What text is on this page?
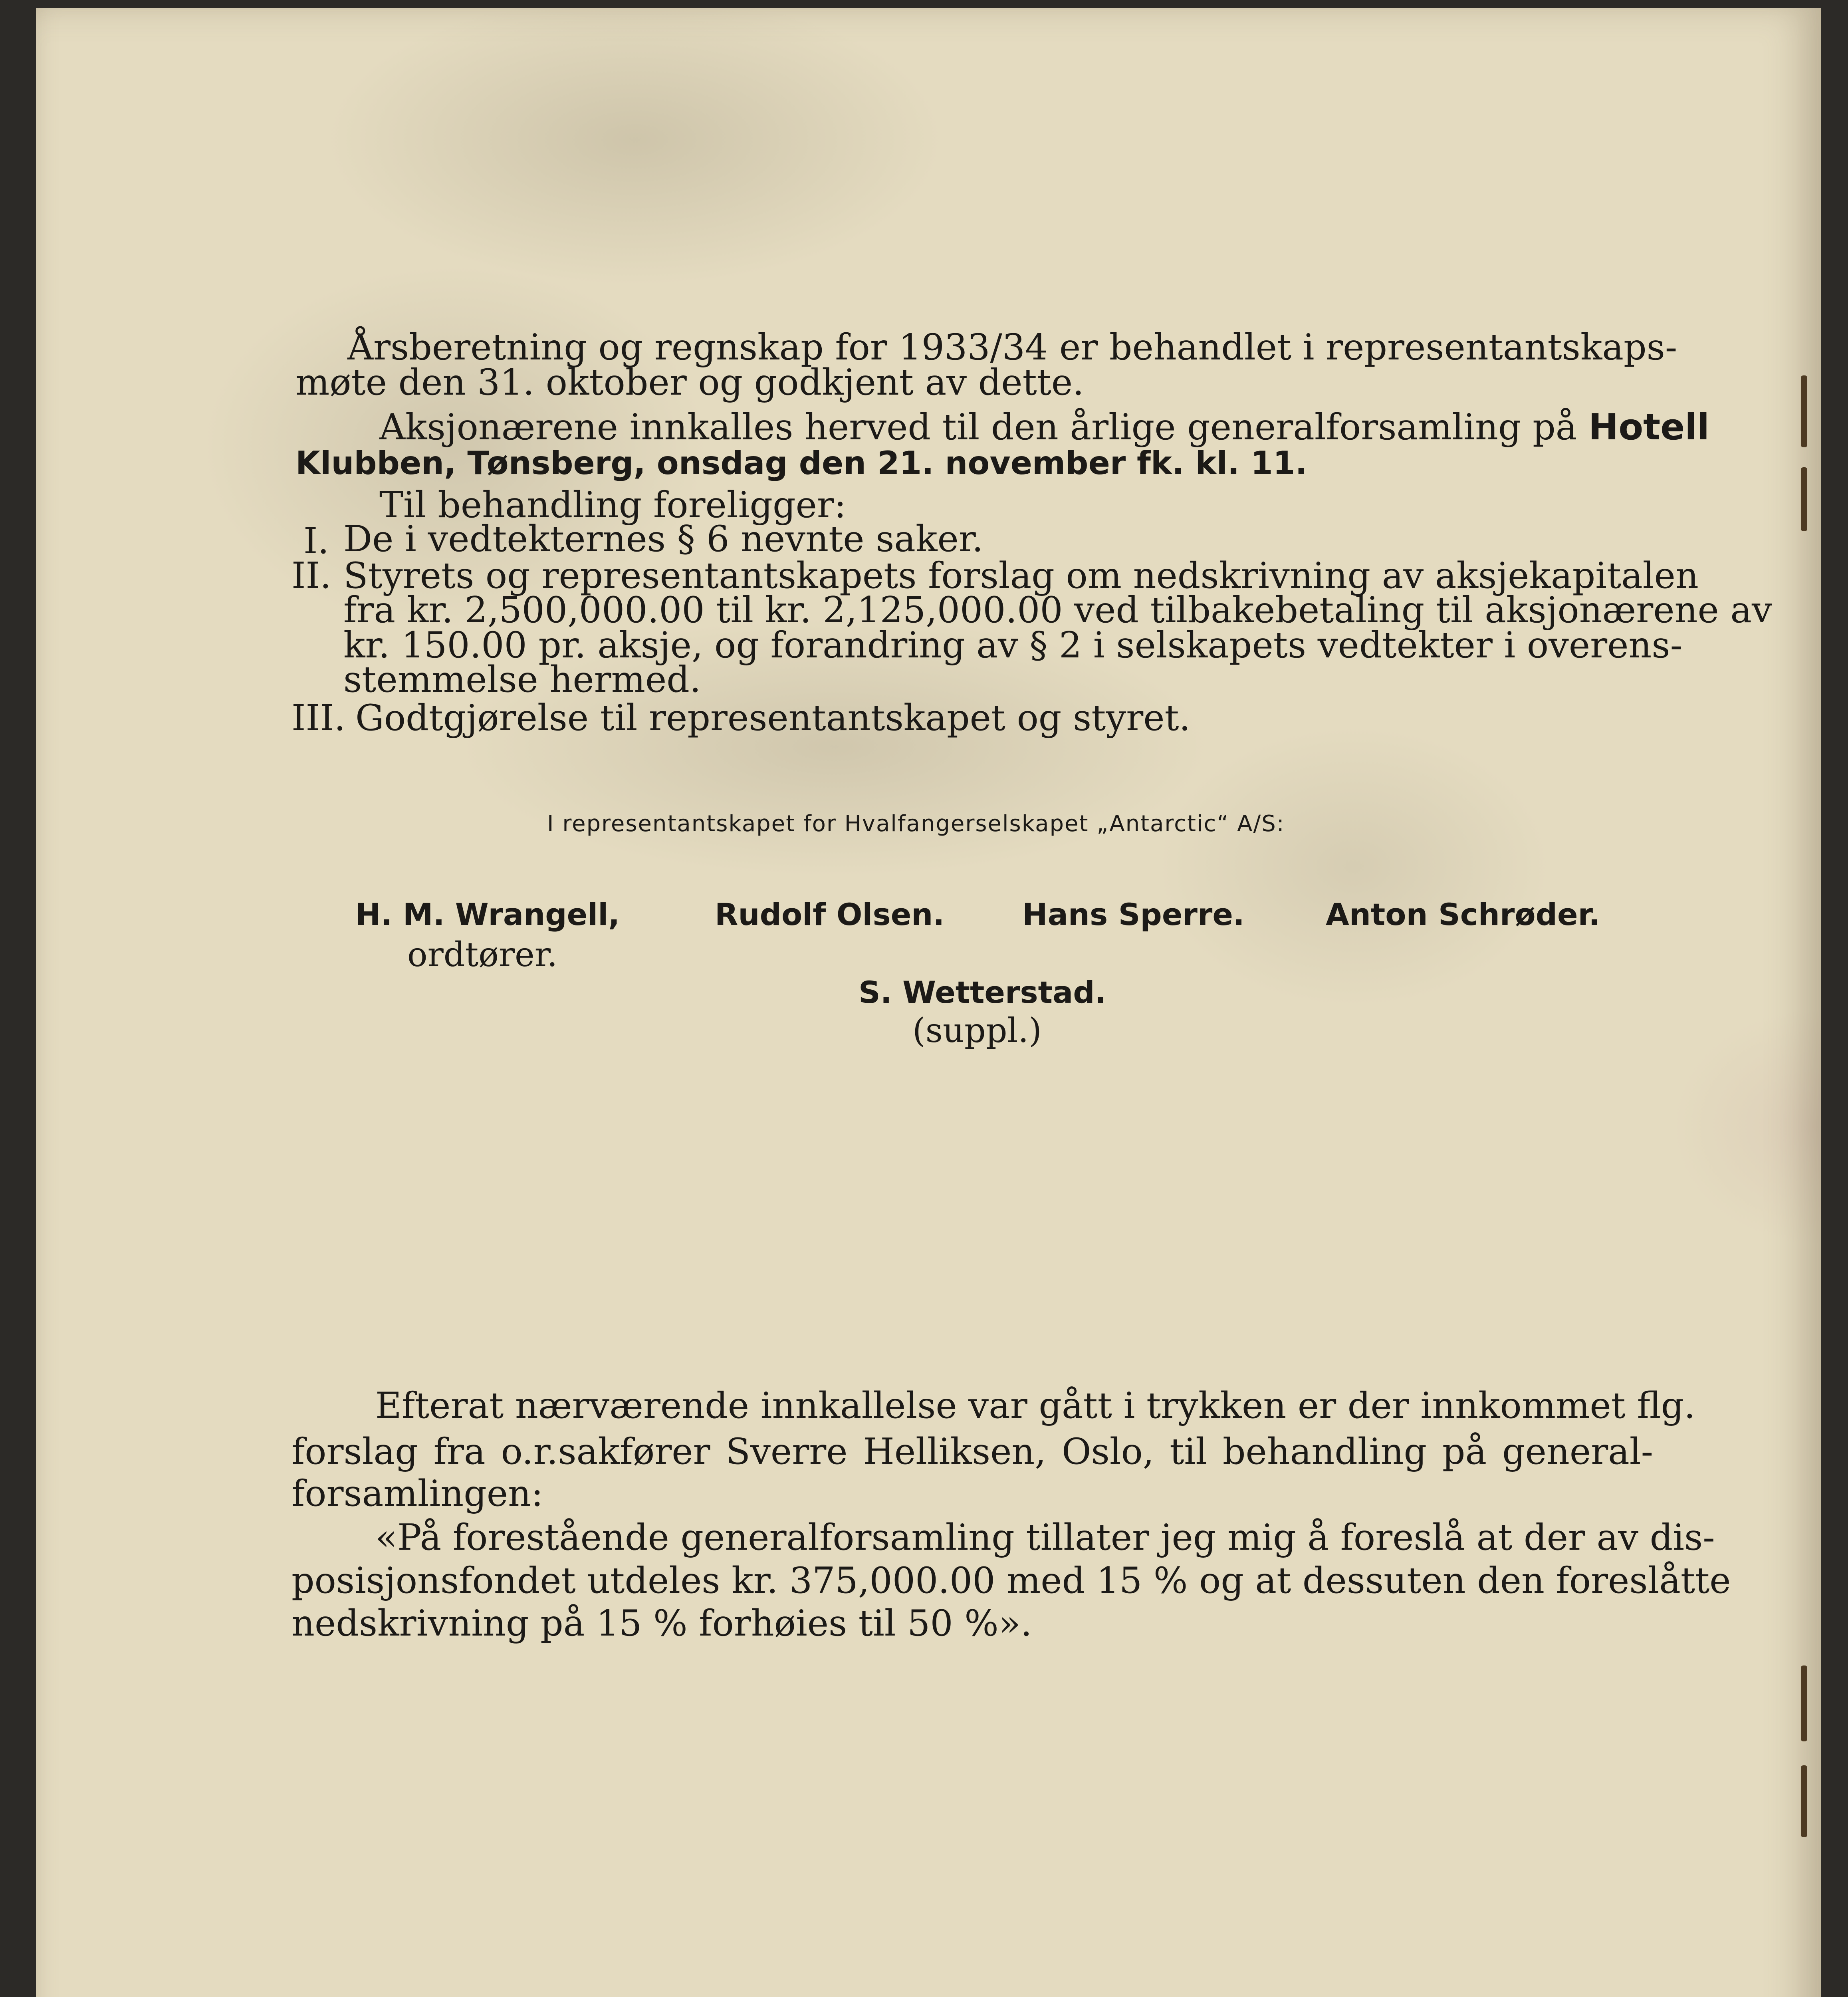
Årsberetning og regnskap for 1933/34 er behandlet i representantskaps-
møte den 31. oktober og godkjent av dette.
Aksjonærene innkalles herved til den årlige generalforsamling på Hotell
Klubben, Tønsberg, onsdag den 21. november fk. kl. 11.
Til behandling foreligger:
I. De i vedtekternes § 6 nevnte saker.
II. Styrets og representantskapets forslag om nedskrivning av aksjekapitalen
fra kr. 2,500,000.00 til kr. 2,125,000.00 ved tilbakebetaling til aksjonærene av
kr. 150.00 pr. aksje, og forandring av § 2 i selskapets vedtekter i overens-
stemmelse hermed.
III. Godtgjørelse til representantskapet og styret.
I representantskapet for Hvalfangerselskapet „Antarctic“ A/S:
H. M. Wrangell,	Rudolf Olsen.	Hans Sperre.	Anton Schrøder.
ordtører.
S. Wetterstad.
(suppl.)
Efterat nærværende innkallelse var gått i trykken er der innkommet flg.
forslag fra o.r.sakfører Sverre Helliksen, Oslo, til behandling på general-
forsamlingen:
«På forestående generalforsamling tillater jeg mig å foreslå at der av dis-
posisjonsfondet utdeles kr. 375,000.00 med 15 % og at dessuten den foreslåtte
nedskrivning på 15 % forhøies til 50 %».
